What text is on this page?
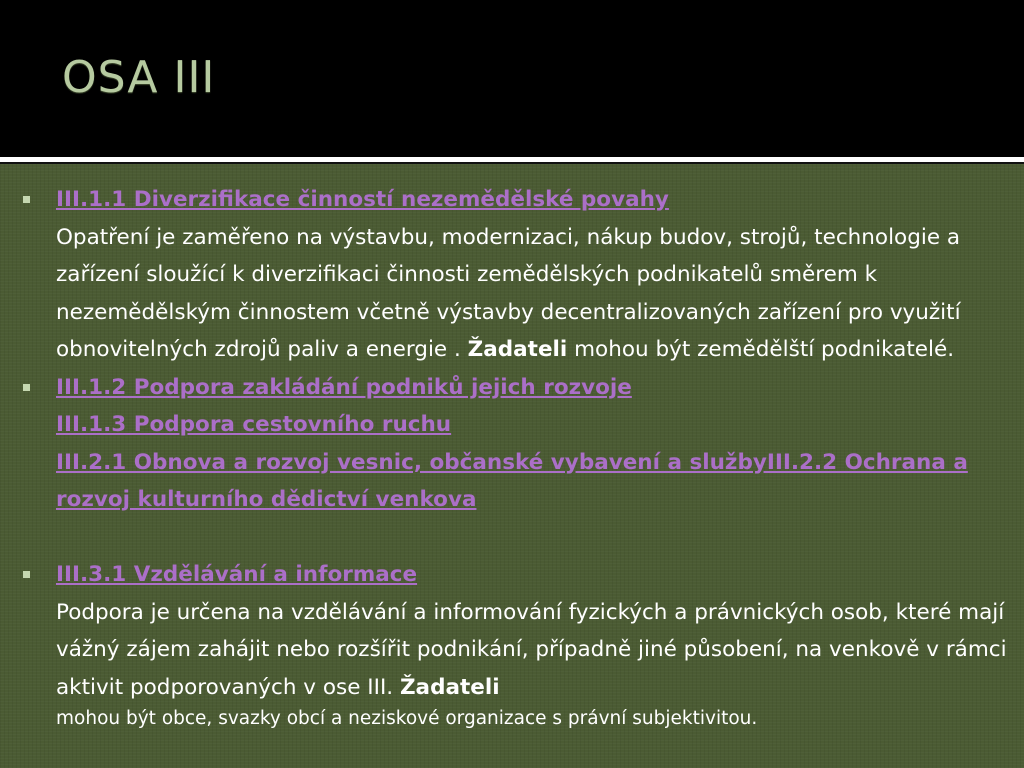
OSA III
III.1.1 Diverzifikace činností nezemědělské povahy
Opatření je zaměřeno na výstavbu, modernizaci, nákup budov, strojů, technologie a zařízení sloužící k diverzifikaci činnosti zemědělských podnikatelů směrem k nezemědělským činnostem včetně výstavby decentralizovaných zařízení pro využití obnovitelných zdrojů paliv a energie . Žadateli mohou být zemědělští podnikatelé.
III.1.2 Podpora zakládání podniků jejich rozvoje
III.1.3 Podpora cestovního ruchu
III.2.1 Obnova a rozvoj vesnic, občanské vybavení a službyIII.2.2 Ochrana a rozvoj kulturního dědictví venkova
III.3.1 Vzdělávání a informace
Podpora je určena na vzdělávání a informování fyzických a právnických osob, které mají vážný zájem zahájit nebo rozšířit podnikání, případně jiné působení, na venkově v rámci aktivit podporovaných v ose III. Žadateli
mohou být obce, svazky obcí a neziskové organizace s právní subjektivitou.
